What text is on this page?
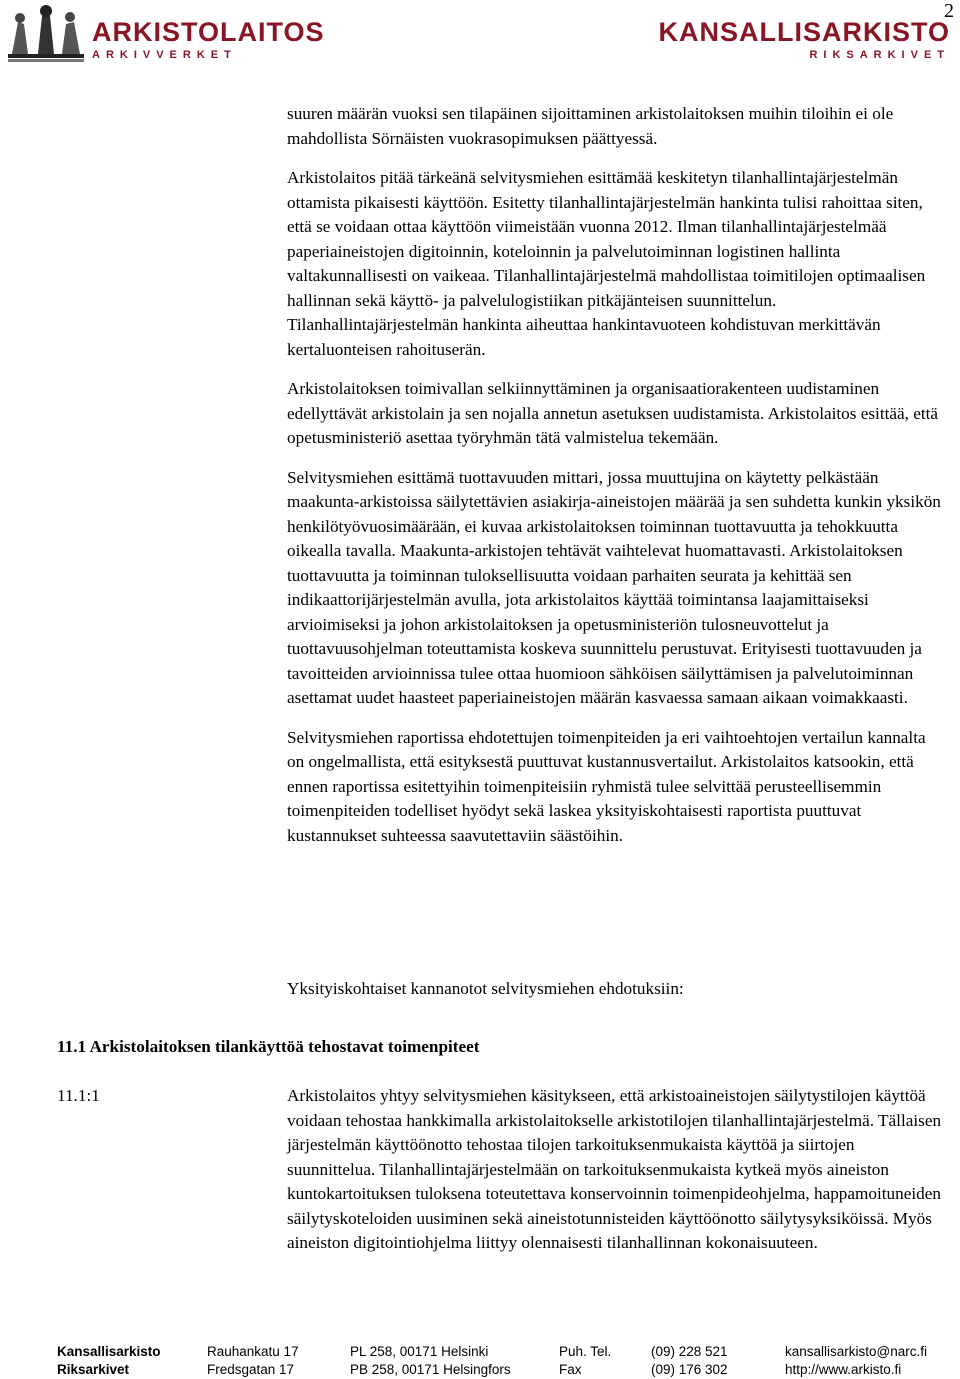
ARKISTOLAITOS
ARKIVVERKET
KANSALLISARKISTO
RIKSARKIVET
2

suuren määrän vuoksi sen tilapäinen sijoittaminen arkistolaitoksen muihin tiloihin ei ole mahdollista Sörnäisten vuokrasopimuksen päättyessä.

Arkistolaitos pitää tärkeänä selvitysmiehen esittämää keskitetyn tilanhallintajärjestelmän ottamista pikaisesti käyttöön. Esitetty tilanhallintajärjestelmän hankinta tulisi rahoittaa siten, että se voidaan ottaa käyttöön viimeistään vuonna 2012. Ilman tilanhallintajärjestelmää paperiaineistojen digitoinnin, koteloinnin ja palvelutoiminnan logistinen hallinta valtakunnallisesti on vaikeaa. Tilanhallintajärjestelmä mahdollistaa toimitilojen optimaalisen hallinnan sekä käyttö- ja palvelulogistiikan pitkäjänteisen suunnittelun. Tilanhallintajärjestelmän hankinta aiheuttaa hankintavuoteen kohdistuvan merkittävän kertaluonteisen rahoituserän.

Arkistolaitoksen toimivallan selkiinnyttäminen ja organisaatiorakenteen uudistaminen edellyttävät arkistolain ja sen nojalla annetun asetuksen uudistamista. Arkistolaitos esittää, että opetusministeriö asettaa työryhmän tätä valmistelua tekemään.

Selvitysmiehen esittämä tuottavuuden mittari, jossa muuttujina on käytetty pelkästään maakunta-arkistoissa säilytettävien asiakirja-aineistojen määrää ja sen suhdetta kunkin yksikön henkilötyövuosimäärään, ei kuvaa arkistolaitoksen toiminnan tuottavuutta ja tehokkuutta oikealla tavalla. Maakunta-arkistojen tehtävät vaihtelevat huomattavasti. Arkistolaitoksen tuottavuutta ja toiminnan tuloksellisuutta voidaan parhaiten seurata ja kehittää sen indikaattorijärjestelmän avulla, jota arkistolaitos käyttää toimintansa laajamittaiseksi arvioimiseksi ja johon arkistolaitoksen ja opetusministeriön tulosneuvottelut ja tuottavuusohjelman toteuttamista koskeva suunnittelu perustuvat. Erityisesti tuottavuuden ja tavoitteiden arvioinnissa tulee ottaa huomioon sähköisen säilyttämisen ja palvelutoiminnan asettamat uudet haasteet paperiaineistojen määrän kasvaessa samaan aikaan voimakkaasti.

Selvitysmiehen raportissa ehdotettujen toimenpiteiden ja eri vaihtoehtojen vertailun kannalta on ongelmallista, että esityksestä puuttuvat kustannusvertailut. Arkistolaitos katsookin, että ennen raportissa esitettyihin toimenpiteisiin ryhmistä tulee selvittää perusteellisemmin toimenpiteiden todelliset hyödyt sekä laskea yksityiskohtaisesti raportista puuttuvat kustannukset suhteessa saavutettaviin säästöihin.

Yksityiskohtaiset kannanotot selvitysmiehen ehdotuksiin:

11.1 Arkistolaitoksen tilankäyttöä tehostavat toimenpiteet
11.1:1	Arkistolaitos yhtyy selvitysmiehen käsitykseen, että arkistoaineistojen säilytystilojen käyttöä voidaan tehostaa hankkimalla arkistolaitokselle arkistotilojen tilanhallintajärjestelmä. Tällaisen järjestelmän käyttöönotto tehostaa tilojen tarkoituksenmukaista käyttöä ja siirtojen suunnittelua. Tilanhallintajärjestelmään on tarkoituksenmukaista kytkeä myös aineiston kuntokartoituksen tuloksena toteutettava konservoinnin toimenpideohjelma, happamoituneiden säilytyskoteloiden uusiminen sekä aineistotunnisteiden käyttöönotto säilytysyksiköissä. Myös aineiston digitointiohjelma liittyy olennaisesti tilanhallinnan kokonaisuuteen.

Kansallisarkisto	Rauhankatu 17	PL 258, 00171 Helsinki	Puh. Tel.	(09) 228 521	kansallisarkisto@narc.fi
Riksarkivet	Fredsgatan 17	PB 258, 00171 Helsingfors	Fax	(09) 176 302	http://www.arkisto.fi
